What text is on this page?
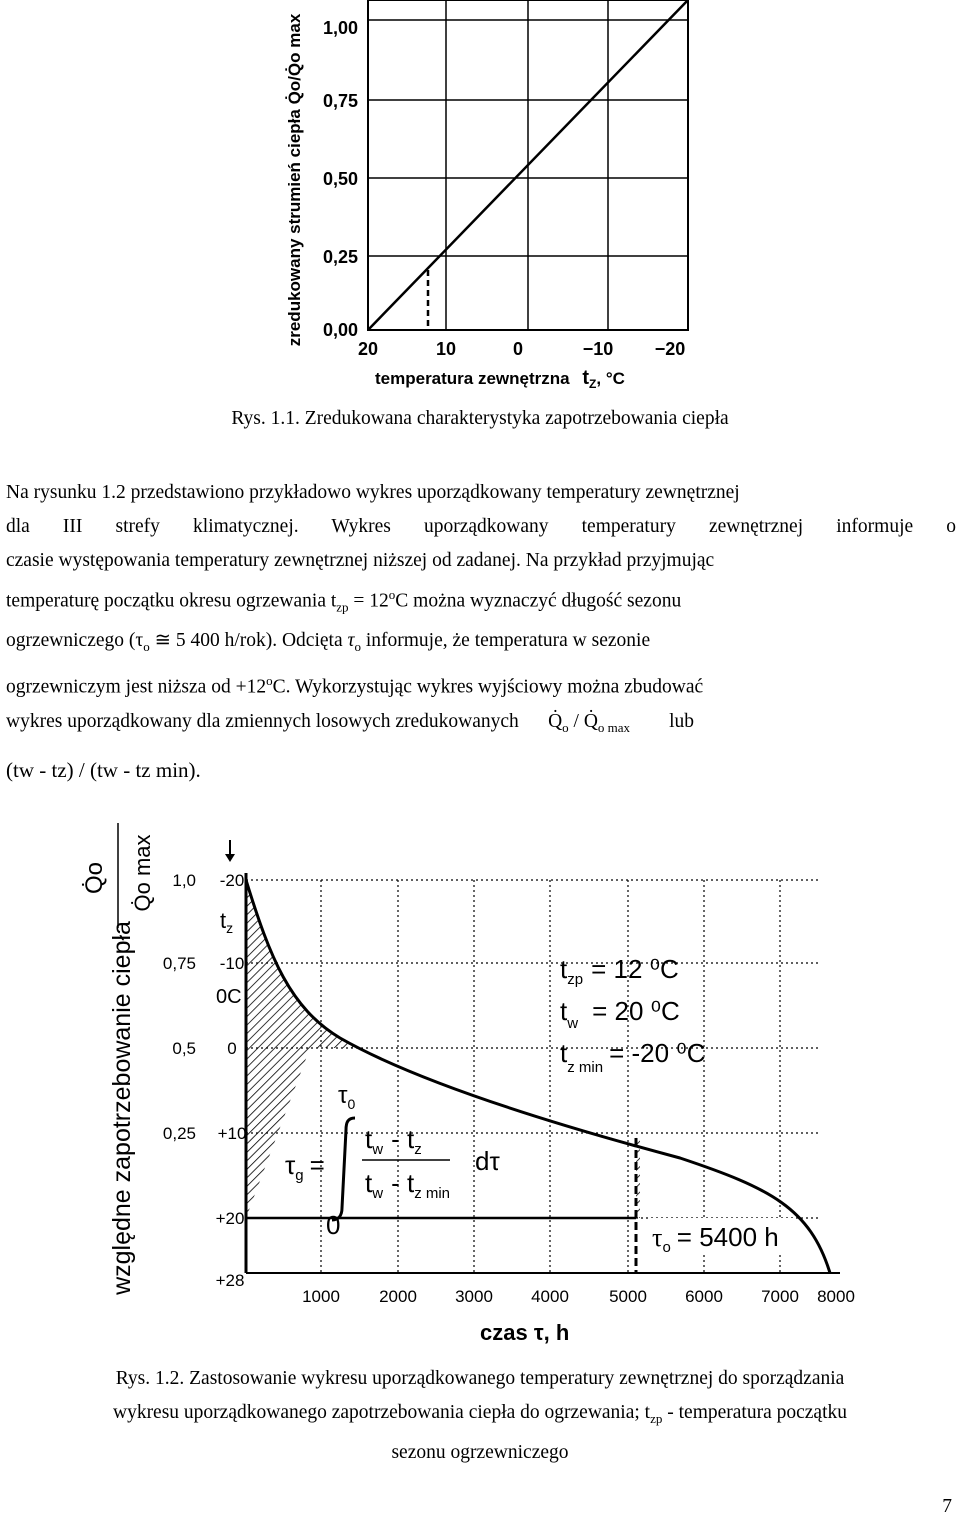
1,00
0,75
0,50
0,25
0,00
20	10	0	−10 −20
zredukowany strumień ciepła Q̇o/Q̇o max
temperatura zewnętrzna $t_Z$, °C
Rys. 1.1. Zredukowana charakterystyka zapotrzebowania ciepła
Na rysunku 1.2 przedstawiono przykładowo wykres uporządkowany temperatury zewnętrznej
dla III strefy klimatycznej. Wykres uporządkowany temperatury zewnętrznej informuje o
czasie występowania temperatury zewnętrznej niższej od zadanej. Na przykład przyjmując
temperaturę początku okresu ogrzewania $t_{zp} = 12^oC$ można wyznaczyć długość sezonu
ogrzewniczego ($\tau_o$ ≅ 5 400 h/rok). Odcięta $\tau_o$ informuje, że temperatura w sezonie
ogrzewniczym jest niższa od $+12^oC$. Wykorzystując wykres wyjściowy można zbudować
wykres uporządkowany dla zmiennych losowych zredukowanych $Q̇_o$ / $Q̇_{o max}$ lub
(tw - tz) / (tw - tz min).
względne zapotrzebowanie ciepła
Q̇o Q̇o max 1,0
0,75
0,5
0,25
-20
-10
0
+10
+20
+28
$t_z$
0C
1000 2000 3000 4000 5000 6000 7000 8000
czas τ, h
$t_{zp} = 12$ ⁰C
$t_w = 20$ ⁰C
$t_{z min} = -20$ ⁰C
$\tau_g$ =
$\tau_0$
0
$t_w - t_z$
$t_w - t_{z min}$
dτ
$\tau_o = 5400$ h
Rys. 1.2. Zastosowanie wykresu uporządkowanego temperatury zewnętrznej do sporządzania
wykresu uporządkowanego zapotrzebowania ciepła do ogrzewania; $t_{zp}$ - temperatura początku
sezonu ogrzewniczego
7
